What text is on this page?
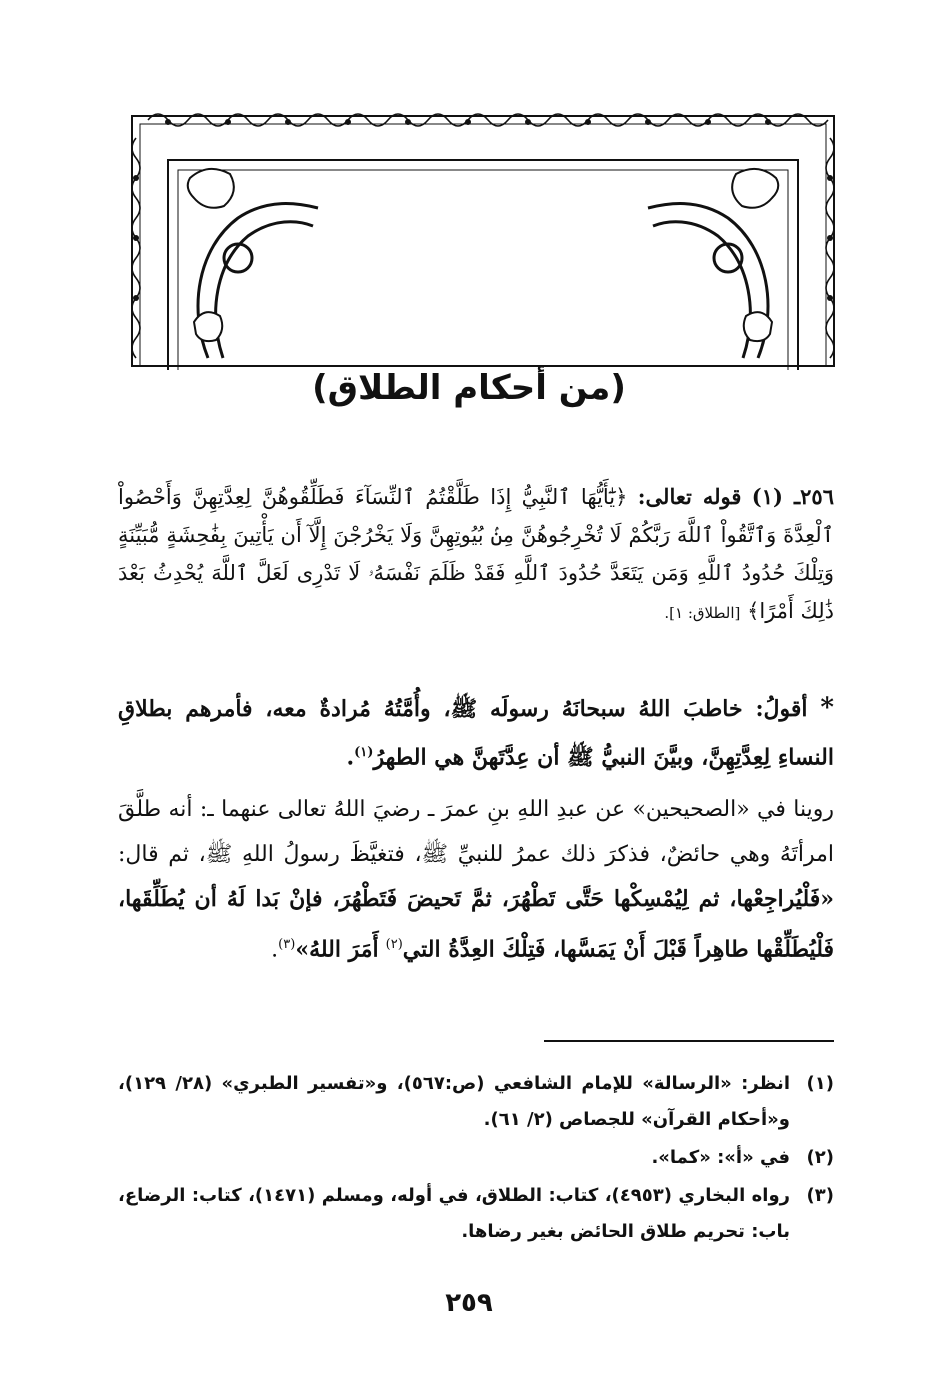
(من أحكام الطلاق)
٢٥٦ـ (١) قوله تعالى: ﴿يَٰٓأَيُّهَا ٱلنَّبِيُّ إِذَا طَلَّقْتُمُ ٱلنِّسَآءَ فَطَلِّقُوهُنَّ لِعِدَّتِهِنَّ وَأَحْصُواْ ٱلْعِدَّةَ وَٱتَّقُواْ ٱللَّهَ رَبَّكُمْ لَا تُخْرِجُوهُنَّ مِنۢ بُيُوتِهِنَّ وَلَا يَخْرُجْنَ إِلَّآ أَن يَأْتِينَ بِفَٰحِشَةٍ مُّبَيِّنَةٍ وَتِلْكَ حُدُودُ ٱللَّهِ وَمَن يَتَعَدَّ حُدُودَ ٱللَّهِ فَقَدْ ظَلَمَ نَفْسَهُۥ لَا تَدْرِى لَعَلَّ ٱللَّهَ يُحْدِثُ بَعْدَ ذَٰلِكَ أَمْرًا﴾ [الطلاق: ١].
* أقولُ: خاطبَ اللهُ سبحانَهُ رسولَه ﷺ، وأُمَّتُهُ مُرادةٌ معه، فأمرهم بطلاقِ النساءِ لِعِدَّتِهِنَّ، وبيَّنَ النبيُّ ﷺ أن عِدَّتَهنَّ هي الطهرُ$^{(١)}$.
روينا في «الصحيحين» عن عبدِ اللهِ بنِ عمرَ ـ رضيَ اللهُ تعالى عنهما ـ: أنه طلَّقَ امرأتَهُ وهي حائضٌ، فذكرَ ذلك عمرُ للنبيِّ ﷺ، فتغيَّظَ رسولُ اللهِ ﷺ، ثم قال: «فَلْيُراجِعْها، ثم لِيُمْسِكْها حَتَّى تَطْهُرَ، ثمَّ تَحيضَ فَتَطْهُرَ، فإنْ بَدا لَهُ أن يُطَلِّقَها، فَلْيُطَلِّقْها طاهِراً قَبْلَ أَنْ يَمَسَّها، فَتِلْكَ العِدَّةُ التي$^{(٢)}$ أَمَرَ اللهُ»$^{(٣)}$.
(١)
انظر: «الرسالة» للإمام الشافعي (ص:٥٦٧)، و«تفسير الطبري» (٢٨/ ١٢٩)، و«أحكام القرآن» للجصاص (٢/ ٦١).
(٢)
في «أ»: «كما».
(٣)
رواه البخاري (٤٩٥٣)، كتاب: الطلاق، في أوله، ومسلم (١٤٧١)، كتاب: الرضاع، باب: تحريم طلاق الحائض بغير رضاها.
٢٥٩
